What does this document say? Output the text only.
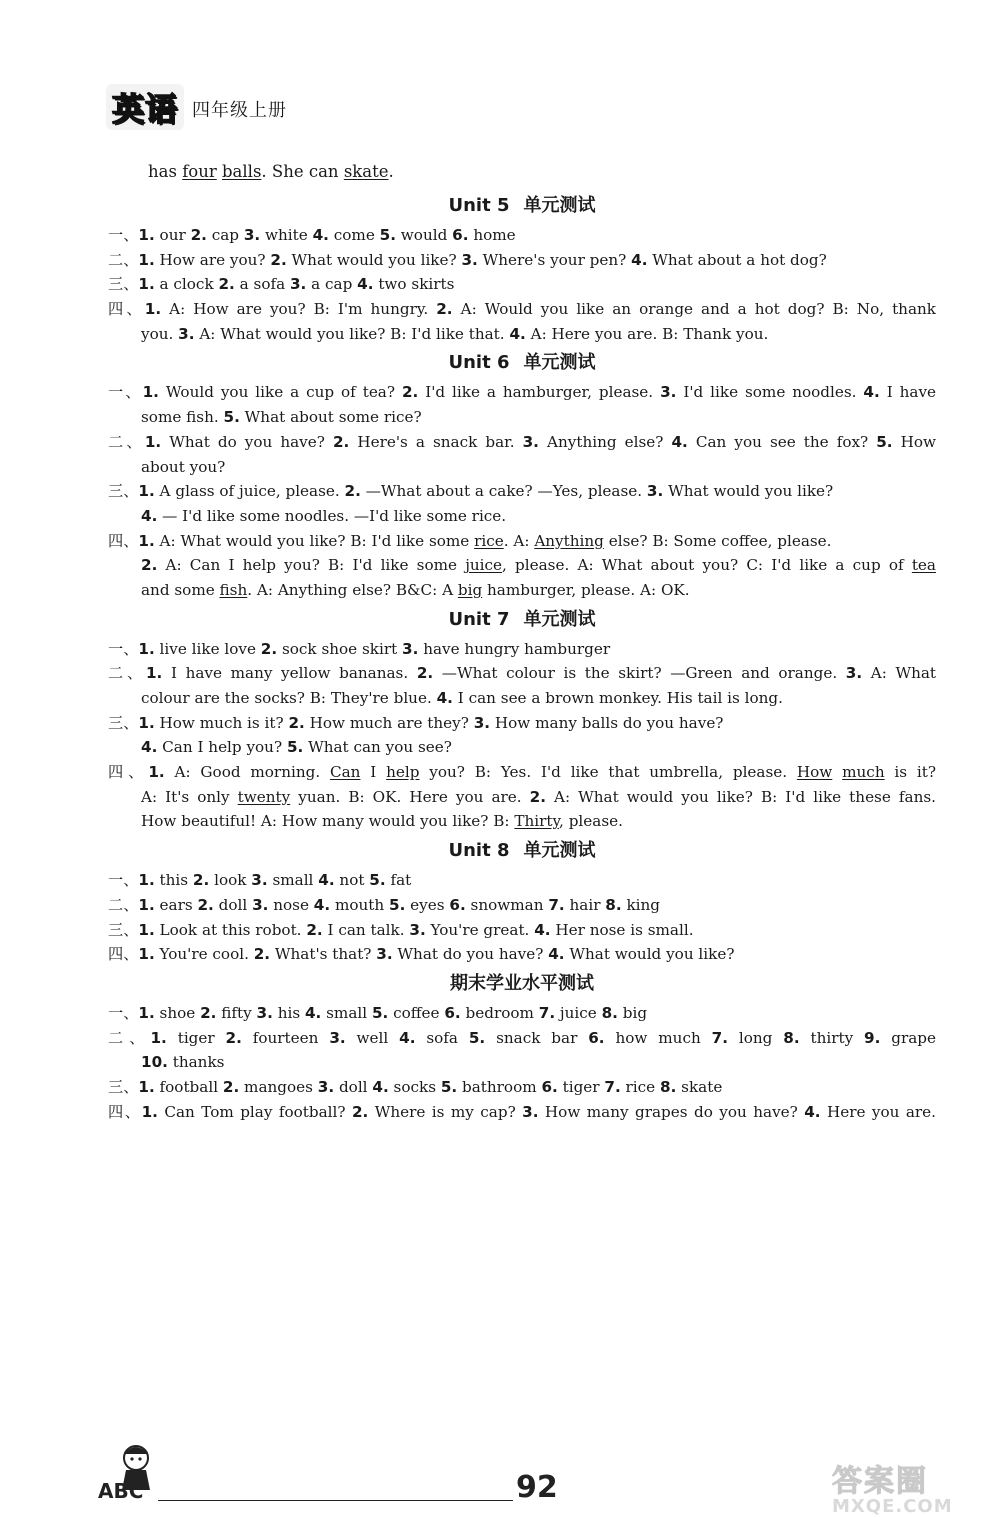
英语 四年级上册
has four balls. She can skate.
Unit 5 单元测试
一、1. our 2. cap 3. white 4. come 5. would 6. home
二、1. How are you? 2. What would you like? 3. Where's your pen? 4. What about a hot dog?
三、1. a clock 2. a sofa 3. a cap 4. two skirts
四、1. A: How are you? B: I'm hungry. 2. A: Would you like an orange and a hot dog? B: No, thank
you. 3. A: What would you like? B: I'd like that. 4. A: Here you are. B: Thank you.
Unit 6 单元测试
一、1. Would you like a cup of tea? 2. I'd like a hamburger, please. 3. I'd like some noodles. 4. I have
some fish. 5. What about some rice?
二、1. What do you have? 2. Here's a snack bar. 3. Anything else? 4. Can you see the fox? 5. How
about you?
三、1. A glass of juice, please. 2. —What about a cake? —Yes, please. 3. What would you like?
4. — I'd like some noodles. —I'd like some rice.
四、1. A: What would you like? B: I'd like some rice. A: Anything else? B: Some coffee, please.
2. A: Can I help you? B: I'd like some juice, please. A: What about you? C: I'd like a cup of tea
and some fish. A: Anything else? B&C: A big hamburger, please. A: OK.
Unit 7 单元测试
一、1. live like love 2. sock shoe skirt 3. have hungry hamburger
二、1. I have many yellow bananas. 2. —What colour is the skirt? —Green and orange. 3. A: What
colour are the socks? B: They're blue. 4. I can see a brown monkey. His tail is long.
三、1. How much is it? 2. How much are they? 3. How many balls do you have?
4. Can I help you? 5. What can you see?
四、1. A: Good morning. Can I help you? B: Yes. I'd like that umbrella, please. How much is it?
A: It's only twenty yuan. B: OK. Here you are. 2. A: What would you like? B: I'd like these fans.
How beautiful! A: How many would you like? B: Thirty, please.
Unit 8 单元测试
一、1. this 2. look 3. small 4. not 5. fat
二、1. ears 2. doll 3. nose 4. mouth 5. eyes 6. snowman 7. hair 8. king
三、1. Look at this robot. 2. I can talk. 3. You're great. 4. Her nose is small.
四、1. You're cool. 2. What's that? 3. What do you have? 4. What would you like?
期末学业水平测试
一、1. shoe 2. fifty 3. his 4. small 5. coffee 6. bedroom 7. juice 8. big
二、1. tiger 2. fourteen 3. well 4. sofa 5. snack bar 6. how much 7. long 8. thirty 9. grape
10. thanks
三、1. football 2. mangoes 3. doll 4. socks 5. bathroom 6. tiger 7. rice 8. skate
四、1. Can Tom play football? 2. Where is my cap? 3. How many grapes do you have? 4. Here you are.
ABC	92	答案圈
MXQE.COM
